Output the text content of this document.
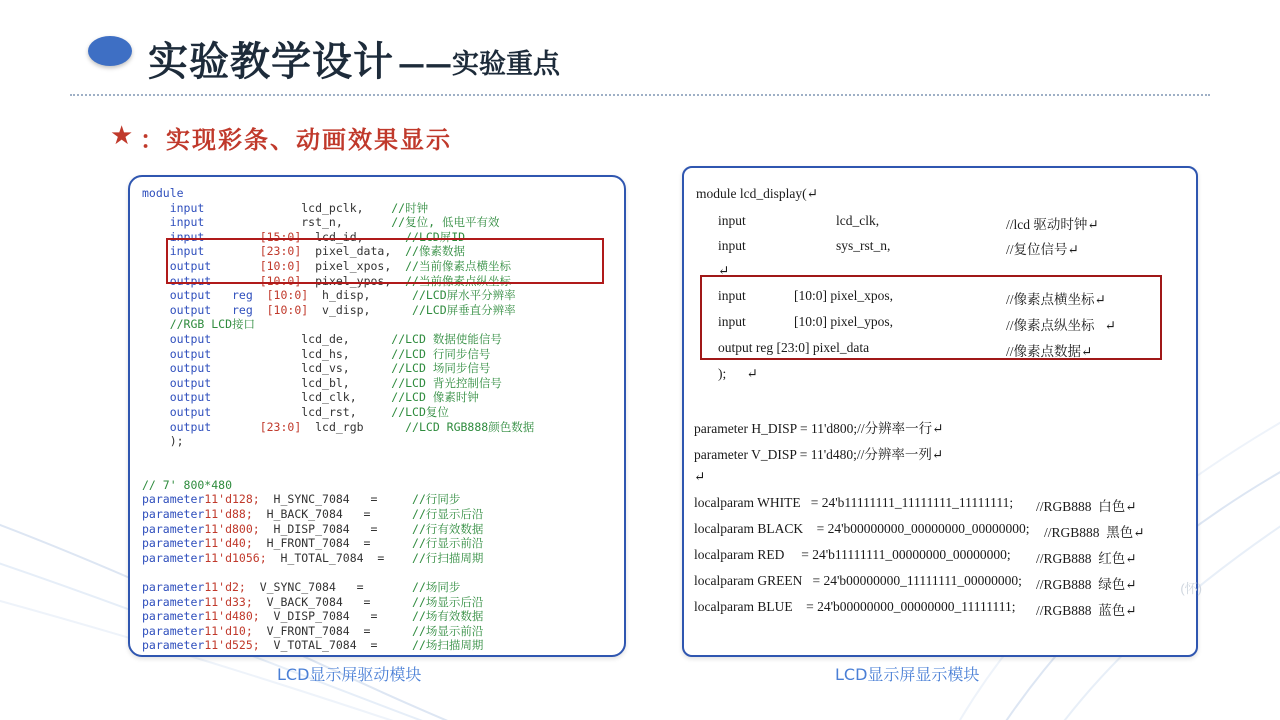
实验教学设计 ——实验重点
★ ：实现彩条、动画效果显示
module
input              lcd_pclk,    //时钟
input              rst_n,       //复位, 低电平有效
input        [15:0]  lcd_id,      //LCD屏ID
input        [23:0]  pixel_data,  //像素数据
output       [10:0]  pixel_xpos,  //当前像素点横坐标
output       [10:0]  pixel_ypos,  //当前像素点纵坐标
output   reg  [10:0]  h_disp,      //LCD屏水平分辨率
output   reg  [10:0]  v_disp,      //LCD屏垂直分辨率
//RGB LCD接口
output             lcd_de,      //LCD 数据使能信号
output             lcd_hs,      //LCD 行同步信号
output             lcd_vs,      //LCD 场同步信号
output             lcd_bl,      //LCD 背光控制信号
output             lcd_clk,     //LCD 像素时钟
output             lcd_rst,     //LCD复位
output       [23:0]  lcd_rgb      //LCD RGB888颜色数据
);

// 7' 800*480
parameter11'd128;  H_SYNC_7084   =     //行同步
parameter11'd88;  H_BACK_7084   =      //行显示后沿
parameter11'd800;  H_DISP_7084   =     //行有效数据
parameter11'd40;  H_FRONT_7084  =      //行显示前沿
parameter11'd1056;  H_TOTAL_7084  =    //行扫描周期

parameter11'd2;  V_SYNC_7084   =       //场同步
parameter11'd33;  V_BACK_7084   =      //场显示后沿
parameter11'd480;  V_DISP_7084   =     //场有效数据
parameter11'd10;  V_FRONT_7084  =      //场显示前沿
parameter11'd525;  V_TOTAL_7084  =     //场扫描周期

LCD显示屏驱动模块
module lcd_display(↵
input	lcd_clk,	//lcd 驱动时钟↵
input	sys_rst_n,	//复位信号↵
↵
input	[10:0] pixel_xpos,	//像素点横坐标↵
input	[10:0] pixel_ypos,	//像素点纵坐标   ↵
output reg [23:0] pixel_data	//像素点数据↵
);      ↵
parameter H_DISP = 11'd800;//分辨率一行↵
parameter V_DISP = 11'd480;//分辨率一列↵
↵
localparam WHITE   = 24'b11111111_11111111_11111111; //RGB888  白色↵
localparam BLACK    = 24'b00000000_00000000_00000000; //RGB888  黑色↵
localparam RED     = 24'b11111111_00000000_00000000; //RGB888  红色↵
localparam GREEN   = 24'b00000000_11111111_00000000; //RGB888  绿色↵
localparam BLUE    = 24'b00000000_00000000_11111111; //RGB888  蓝色↵
LCD显示屏显示模块
(怀)
